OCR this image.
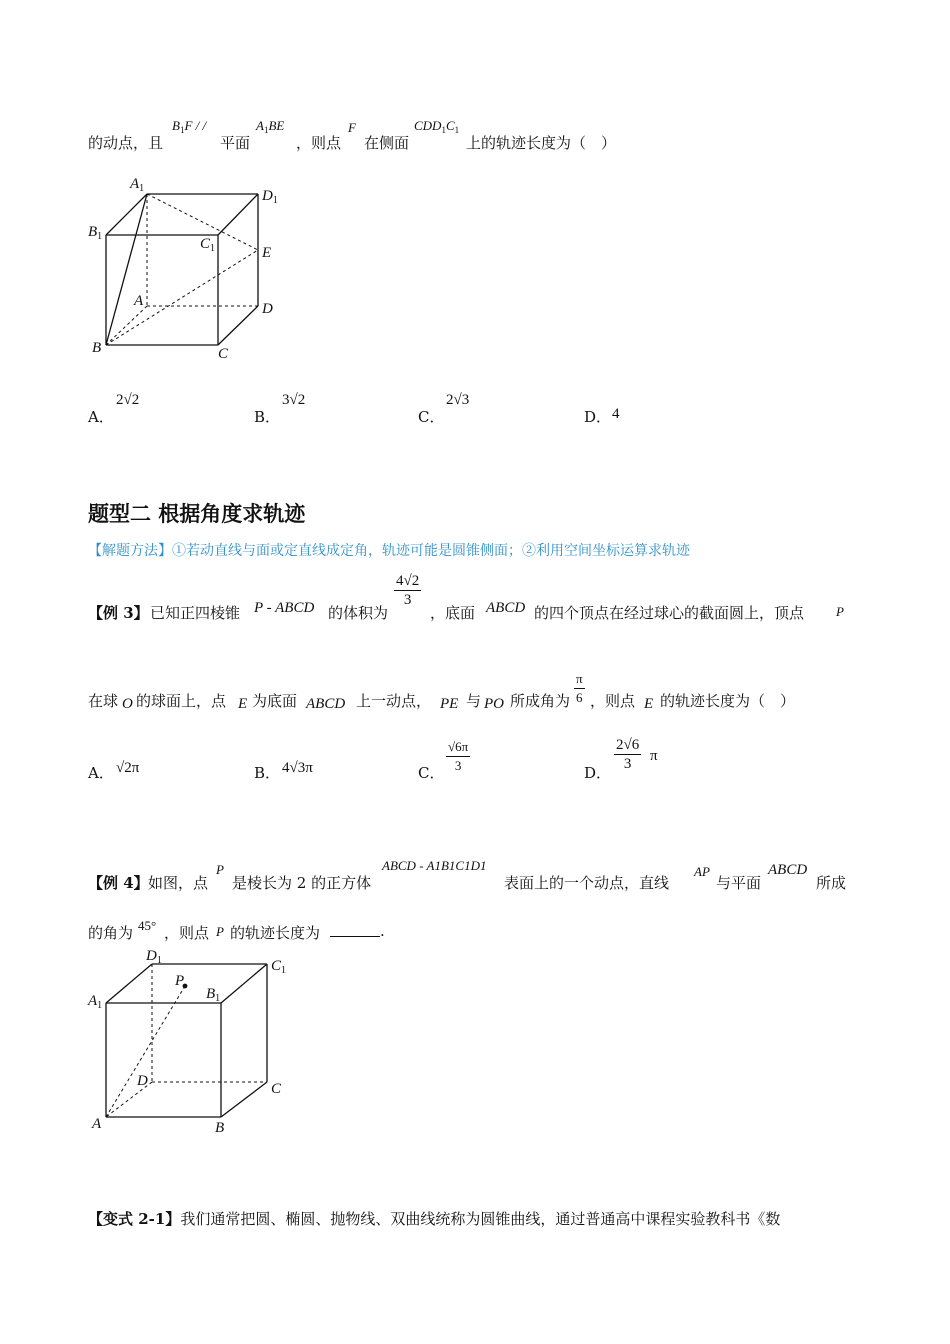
的动点，且
$B_1F$ / /
平面
$A_1BE$
，则点
F
在侧面
$CDD_1C_1$
上的轨迹长度为（　）
$A_1$	$D_1$
$B_1$	$C_1$	E
A	D
B	C
A．
2√2
B．
3√2
C．
2√3
D． 4
题型二 根据角度求轨迹
【解题方法】①若动直线与面或定直线成定角，轨迹可能是圆锥侧面；②利用空间坐标运算求轨迹
【例 3】 已知正四棱锥 P - ABCD 的体积为
$\frac{4√2}{3}$
，底面 ABCD 的四个顶点在经过球心的截面圆上，顶点 P
在球 O 的球面上，点 E 为底面 ABCD 上一动点， PE 与 PO 所成角为 $\frac{\pi}{6}$ ，则点 E 的轨迹长度为（　）
A． √2π	B． 4√3π	C． $\frac{√6\pi}{3}$	D． $\frac{2√6}{3}$ π
【例 4】 如图，点
P
是棱长为 2 的正方体
ABCD - A1B1C1D1
表面上的一个动点，直线
AP
与平面
ABCD
所成
的角为 45° ，则点 P 的轨迹长度为	.
$D_1$	$C_1$
P
$B_1$
$A_1$
D	C
A	B
【变式 2-1】我们通常把圆、椭圆、抛物线、双曲线统称为圆锥曲线，通过普通高中课程实验教科书《数
